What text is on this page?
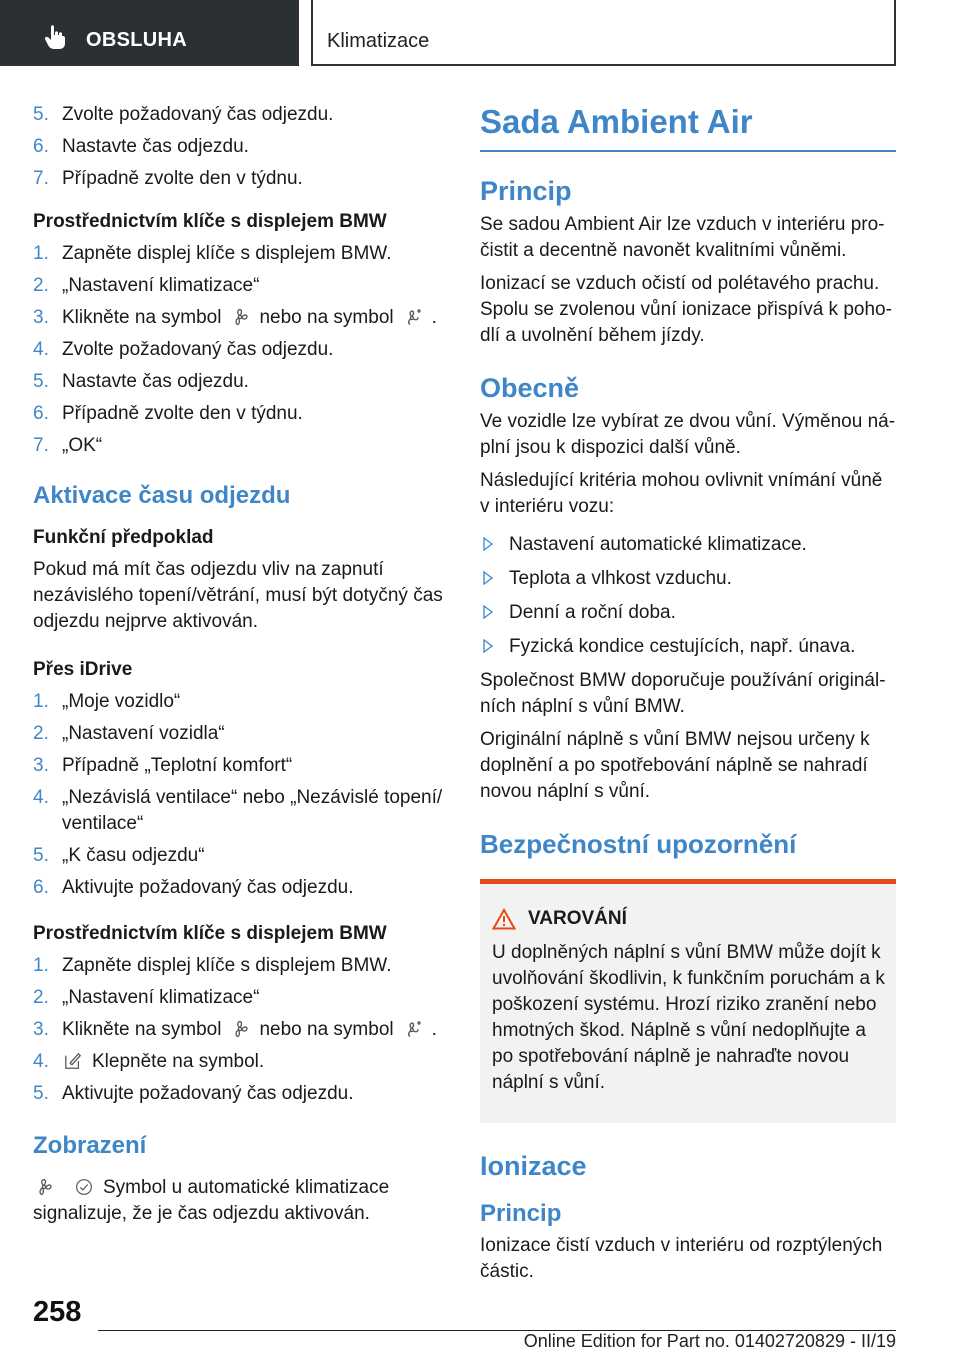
OBSLUHA	Klimatizace
5. Zvolte požadovaný čas odjezdu.
6. Nastavte čas odjezdu.
7. Případně zvolte den v týdnu.
Prostřednictvím klíče s displejem BMW
1. Zapněte displej klíče s displejem BMW.
2. „Nastavení klimatizace“
3. Klikněte na symbol nebo na symbol .
4. Zvolte požadovaný čas odjezdu.
5. Nastavte čas odjezdu.
6. Případně zvolte den v týdnu.
7. „OK“
Aktivace času odjezdu
Funkční předpoklad
Pokud má mít čas odjezdu vliv na zapnutí nezávislého topení/větrání, musí být dotyčný čas odjezdu nejprve aktivován.
Přes iDrive
1. „Moje vozidlo“
2. „Nastavení vozidla“
3. Případně „Teplotní komfort“
4. „Nezávislá ventilace“ nebo „Nezávislé topení/ ventilace“
5. „K času odjezdu“
6. Aktivujte požadovaný čas odjezdu.
Prostřednictvím klíče s displejem BMW
1. Zapněte displej klíče s displejem BMW.
2. „Nastavení klimatizace“
3. Klikněte na symbol nebo na symbol .
4. Klepněte na symbol.
5. Aktivujte požadovaný čas odjezdu.
Zobrazení
Symbol u automatické klimatizace signalizuje, že je čas odjezdu aktivován.
Sada Ambient Air
Princip
Se sadou Ambient Air lze vzduch v interiéru pročistit a decentně navonět kvalitními vůněmi.
Ionizací se vzduch očistí od polétavého prachu. Spolu se zvolenou vůní ionizace přispívá k pohodlí a uvolnění během jízdy.
Obecně
Ve vozidle lze vybírat ze dvou vůní. Výměnou náplní jsou k dispozici další vůně.
Následující kritéria mohou ovlivnit vnímání vůně v interiéru vozu:
Nastavení automatické klimatizace.
Teplota a vlhkost vzduchu.
Denní a roční doba.
Fyzická kondice cestujících, např. únava.
Společnost BMW doporučuje používání originálních náplní s vůní BMW.
Originální náplně s vůní BMW nejsou určeny k doplnění a po spotřebování náplně se nahradí novou náplní s vůní.
Bezpečnostní upozornění
VAROVÁNÍ
U doplněných náplní s vůní BMW může dojít k uvolňování škodlivin, k funkčním poruchám a k poškození systému. Hrozí riziko zranění nebo hmotných škod. Náplně s vůní nedoplňujte a po spotřebování náplně je nahraďte novou náplní s vůní.
Ionizace
Princip
Ionizace čistí vzduch v interiéru od rozptýlených částic.
258
Online Edition for Part no. 01402720829 - II/19
